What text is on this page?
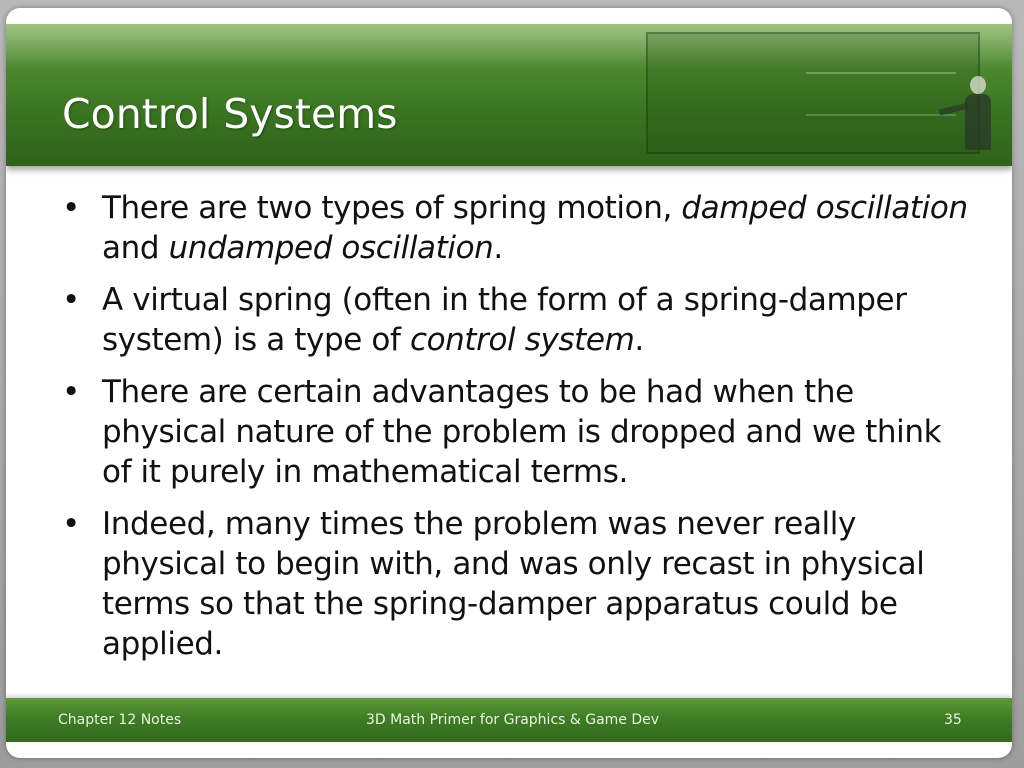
Control Systems
• There are two types of spring motion, damped oscillation and undamped oscillation.
• A virtual spring (often in the form of a spring-damper system) is a type of control system.
• There are certain advantages to be had when the physical nature of the problem is dropped and we think of it purely in mathematical terms.
• Indeed, many times the problem was never really physical to begin with, and was only recast in physical terms so that the spring-damper apparatus could be applied.
Chapter 12 Notes	3D Math Primer for Graphics & Game Dev	35
